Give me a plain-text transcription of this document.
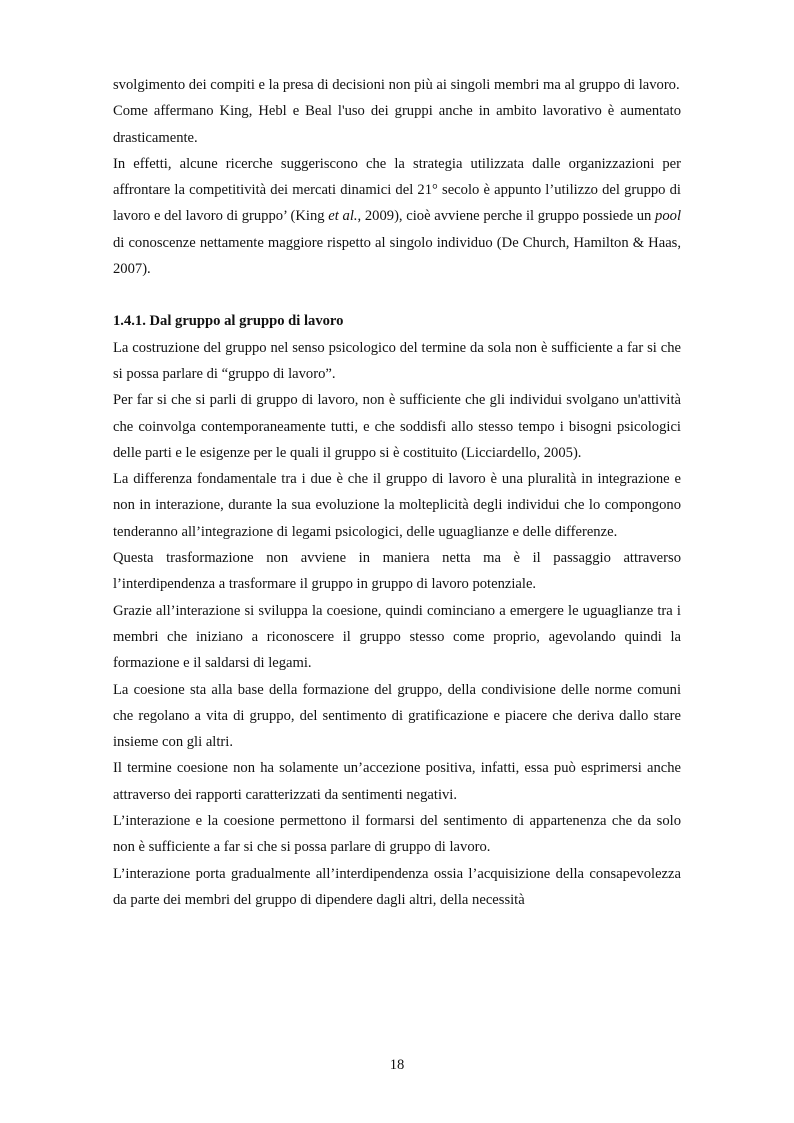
svolgimento dei compiti e la presa di decisioni non più ai singoli membri ma al gruppo di lavoro.

Come affermano King, Hebl e Beal l'uso dei gruppi anche in ambito lavorativo è aumentato drasticamente.

In effetti, alcune ricerche suggeriscono che la strategia utilizzata dalle organizzazioni per affrontare la competitività dei mercati dinamici del 21° secolo è appunto l’utilizzo del gruppo di lavoro e del lavoro di gruppo’ (King et al., 2009), cioè avviene perche il gruppo possiede un pool di conoscenze nettamente maggiore rispetto al singolo individuo (De Church, Hamilton & Haas, 2007).

1.4.1. Dal gruppo al gruppo di lavoro

La costruzione del gruppo nel senso psicologico del termine da sola non è sufficiente a far si che si possa parlare di “gruppo di lavoro”.

Per far si che si parli di gruppo di lavoro, non è sufficiente che gli individui svolgano un'attività che coinvolga contemporaneamente tutti, e che soddisfi allo stesso tempo i bisogni psicologici delle parti e le esigenze per le quali il gruppo si è costituito (Licciardello, 2005).

La differenza fondamentale tra i due è che il gruppo di lavoro è una pluralità in integrazione e non in interazione, durante la sua evoluzione la molteplicità degli individui che lo compongono tenderanno all’integrazione di legami psicologici, delle uguaglianze e delle differenze.

Questa trasformazione non avviene in maniera netta ma è il passaggio attraverso l’interdipendenza a trasformare il gruppo in gruppo di lavoro potenziale.

Grazie all’interazione si sviluppa la coesione, quindi cominciano a emergere le uguaglianze tra i membri che iniziano a riconoscere il gruppo stesso come proprio, agevolando quindi la formazione e il saldarsi di legami.

La coesione sta alla base della formazione del gruppo, della condivisione delle norme comuni che regolano a vita di gruppo, del sentimento di gratificazione e piacere che deriva dallo stare insieme con gli altri.

Il termine coesione non ha solamente un’accezione positiva, infatti, essa può esprimersi anche attraverso dei rapporti caratterizzati da sentimenti negativi.

L’interazione e la coesione permettono il formarsi del sentimento di appartenenza che da solo non è sufficiente a far si che si possa parlare di gruppo di lavoro.

L’interazione porta gradualmente all’interdipendenza ossia l’acquisizione della consapevolezza da parte dei membri del gruppo di dipendere dagli altri, della necessità

18
